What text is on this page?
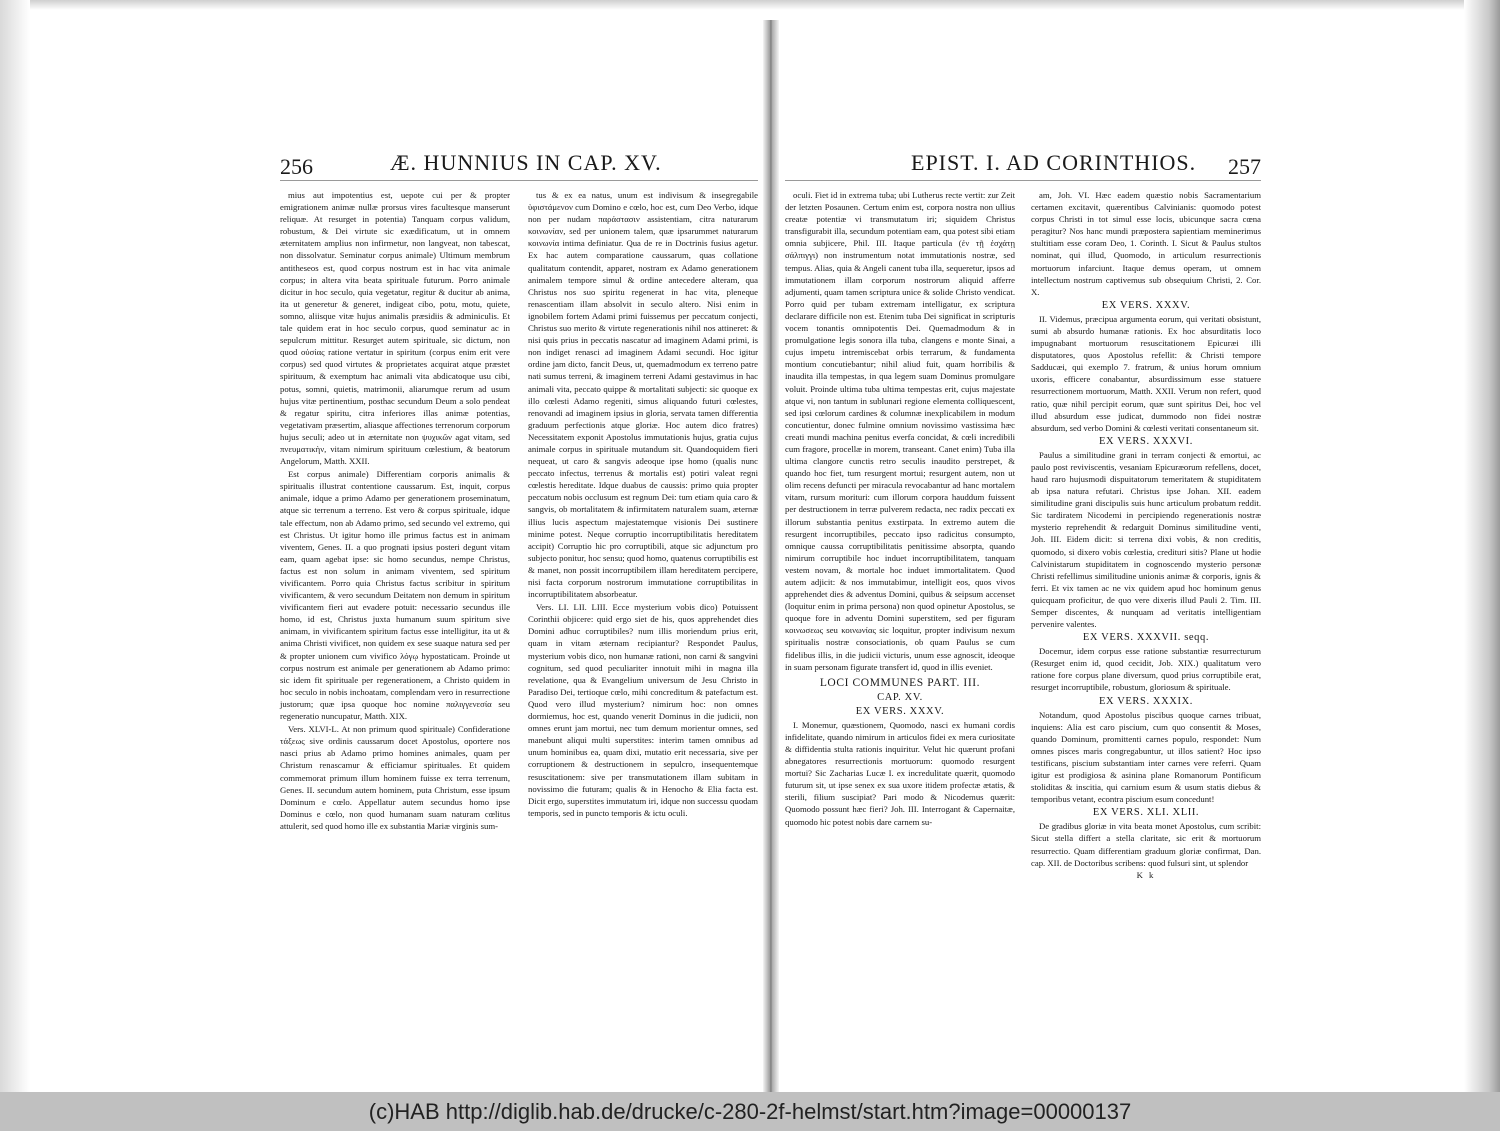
256	Æ. HUNNIUS IN CAP. XV.

mius aut impotentius est, uepote cui per & propter emigrationem animæ nullæ prorsus vires facultesque manserunt reliquæ. At resurget in potentia) Tanquam corpus validum, robustum, & Dei virtute sic exædificatum, ut in omnem æternitatem amplius non infirmetur, non langveat, non tabescat, non dissolvatur. Seminatur corpus animale) Ultimum membrum antitheseos est, quod corpus nostrum est in hac vita animale corpus; in altera vita beata spirituale futurum. Porro animale dicitur in hoc seculo, quia vegetatur, regitur & ducitur ab anima, ita ut generetur & generet, indigeat cibo, potu, motu, quiete, somno, aliisque vitæ hujus animalis præsidiis & adminiculis. Et tale quidem erat in hoc seculo corpus, quod seminatur ac in sepulcrum mittitur. Resurget autem spirituale, sic dictum, non quod οὐσίας ratione vertatur in spiritum (corpus enim erit vere corpus) sed quod virtutes & proprietates acquirat atque præstet spirituum, & exemptum hac animali vita abdicatoque usu cibi, potus, somni, quietis, matrimonii, aliarumque rerum ad usum hujus vitæ pertinentium, posthac secundum Deum a solo pendeat & regatur spiritu, citra inferiores illas animæ potentias, vegetativam præsertim, aliasque affectiones terrenorum corporum hujus seculi; adeo ut in æternitate non ψυχικῶν agat vitam, sed πνευματικὴν, vitam nimirum spirituum cœlestium, & beatorum Angelorum, Matth. XXII.

Est corpus animale) Differentiam corporis animalis & spiritualis illustrat contentione caussarum. Est, inquit, corpus animale, idque a primo Adamo per generationem proseminatum, atque sic terrenum a terreno. Est vero & corpus spirituale, idque tale effectum, non ab Adamo primo, sed secundo vel extremo, qui est Christus. Ut igitur homo ille primus factus est in animam viventem, Genes. II. a quo prognati ipsius posteri degunt vitam eam, quam agebat ipse: sic homo secundus, nempe Christus, factus est non solum in animam viventem, sed spiritum vivificantem. Porro quia Christus factus scribitur in spiritum vivificantem, & vero secundum Deitatem non demum in spiritum vivificantem fieri aut evadere potuit: necessario secundus ille homo, id est, Christus juxta humanum suum spiritum sive animam, in vivificantem spiritum factus esse intelligitur, ita ut & anima Christi vivificet, non quidem ex sese suaque natura sed per & propter unionem cum vivifico λόγῳ hypostaticam. Proinde ut corpus nostrum est animale per generationem ab Adamo primo: sic idem fit spirituale per regenerationem, a Christo quidem in hoc seculo in nobis inchoatam, complendam vero in resurrectione justorum; quæ ipsa quoque hoc nomine παλιγγενεσία seu regeneratio nuncupatur, Matth. XIX.

Vers. XLVI-L. At non primum quod spirituale) Confideratione τάξεως sive ordinis caussarum docet Apostolus, oportere nos nasci prius ab Adamo primo homines animales, quam per Christum renascamur & efficiamur spirituales. Et quidem commemorat primum illum hominem fuisse ex terra terrenum, Genes. II. secundum autem hominem, puta Christum, esse ipsum Dominum e cœlo. Appellatur autem secundus homo ipse Dominus e cœlo, non quod humanam suam naturam cœlitus attulerit, sed quod homo ille ex substantia Mariæ virginis sum-

tus & ex ea natus, unum est indivisum & insegregabile ὑφιστάμενον cum Domino e cœlo, hoc est, cum Deo Verbo, idque non per nudam παράστασιν assistentiam, citra naturarum κοινωνίαν, sed per unionem talem, quæ ipsarummet naturarum κοινωνία intima definiatur. Qua de re in Doctrinis fusius agetur. Ex hac autem comparatione caussarum, quas collatione qualitatum contendit, apparet, nostram ex Adamo generationem animalem tempore simul & ordine antecedere alteram, qua Christus nos suo spiritu regenerat in hac vita, pleneque renascentiam illam absolvit in seculo altero. Nisi enim in ignobilem fortem Adami primi fuissemus per peccatum conjecti, Christus suo merito & virtute regenerationis nihil nos attineret: & nisi quis prius in peccatis nascatur ad imaginem Adami primi, is non indiget renasci ad imaginem Adami secundi. Hoc igitur ordine jam dicto, fancit Deus, ut, quemadmodum ex terreno patre nati sumus terreni, & imaginem terreni Adami gestavimus in hac animali vita, peccato quippe & mortalitati subjecti: sic quoque ex illo cœlesti Adamo regeniti, simus aliquando futuri cœlestes, renovandi ad imaginem ipsius in gloria, servata tamen differentia graduum perfectionis atque gloriæ. Hoc autem dico fratres) Necessitatem exponit Apostolus immutationis hujus, gratia cujus animale corpus in spirituale mutandum sit. Quandoquidem fieri nequeat, ut caro & sangvis adeoque ipse homo (qualis nunc peccato infectus, terrenus & mortalis est) potiri valeat regni cœlestis hereditate. Idque duabus de caussis: primo quia propter peccatum nobis occlusum est regnum Dei: tum etiam quia caro & sangvis, ob mortalitatem & infirmitatem naturalem suam, æternæ illius lucis aspectum majestatemque visionis Dei sustinere minime potest. Neque corruptio incorruptibilitatis hereditatem accipit) Corruptio hic pro corruptibili, atque sic adjunctum pro subjecto ponitur, hoc sensu; quod homo, quatenus corruptibilis est & manet, non possit incorruptibilem illam hereditatem percipere, nisi facta corporum nostrorum immutatione corruptibilitas in incorruptibilitatem absorbeatur.

Vers. LI. LII. LIII. Ecce mysterium vobis dico) Potuissent Corinthii objicere: quid ergo siet de his, quos apprehendet dies Domini adhuc corruptibiles? num illis moriendum prius erit, quam in vitam æternam recipiantur? Respondet Paulus, mysterium vobis dico, non humanæ rationi, non carni & sangvini cognitum, sed quod peculiariter innotuit mihi in magna illa revelatione, qua & Evangelium universum de Jesu Christo in Paradiso Dei, tertioque cœlo, mihi concreditum & patefactum est. Quod vero illud mysterium? nimirum hoc: non omnes dormiemus, hoc est, quando venerit Dominus in die judicii, non omnes erunt jam mortui, nec tum demum morientur omnes, sed manebunt aliqui multi superstites: interim tamen omnibus ad unum hominibus ea, quam dixi, mutatio erit necessaria, sive per corruptionem & destructionem in sepulcro, insequentemque resuscitationem: sive per transmutationem illam subitam in novissimo die futuram; qualis & in Henocho & Elia facta est. Dicit ergo, superstites immutatum iri, idque non successu quodam temporis, sed in puncto temporis & ictu oculi.

EPIST. I. AD CORINTHIOS. 257

oculi. Fiet id in extrema tuba; ubi Lutherus recte vertit: zur Zeit der letzten Posaunen. Certum enim est, corpora nostra non ullius creatæ potentiæ vi transmutatum iri; siquidem Christus transfigurabit illa, secundum potentiam eam, qua potest sibi etiam omnia subjicere, Phil. III. Itaque particula (ἐν τῇ ἐσχάτῃ σάλπιγγι) non instrumentum notat immutationis nostræ, sed tempus. Alias, quia & Angeli canent tuba illa, sequeretur, ipsos ad immutationem illam corporum nostrorum aliquid afferre adjumenti, quam tamen scriptura unice & solide Christo vendicat. Porro quid per tubam extremam intelligatur, ex scriptura declarare difficile non est. Etenim tuba Dei significat in scripturis vocem tonantis omnipotentis Dei. Quemadmodum & in promulgatione legis sonora illa tuba, clangens e monte Sinai, a cujus impetu intremiscebat orbis terrarum, & fundamenta montium concutiebantur; nihil aliud fuit, quam horribilis & inaudita illa tempestas, in qua legem suam Dominus promulgare voluit. Proinde ultima tuba ultima tempestas erit, cujus majestate atque vi, non tantum in sublunari regione elementa colliquescent, sed ipsi cœlorum cardines & columnæ inexplicabilem in modum concutientur, donec fulmine omnium novissimo vastissima hæc creati mundi machina penitus everfa concidat, & cœli incredibili cum fragore, procellæ in morem, transeant. Canet enim) Tuba illa ultima clangore cunctis retro seculis inaudito perstrepet, & quando hoc fiet, tum resurgent mortui; resurgent autem, non ut olim recens defuncti per miracula revocabantur ad hanc mortalem vitam, rursum morituri: cum illorum corpora hauddum fuissent per destructionem in terræ pulverem redacta, nec radix peccati ex illorum substantia penitus exstirpata. In extremo autem die resurgent incorruptibiles, peccato ipso radicitus consumpto, omnique caussa corruptibilitatis penitissime absorpta, quando nimirum corruptibile hoc induet incorruptibilitatem, tanquam vestem novam, & mortale hoc induet immortalitatem. Quod autem adjicit: & nos immutabimur, intelligit eos, quos vivos apprehendet dies & adventus Domini, quibus & seipsum accenset (loquitur enim in prima persona) non quod opinetur Apostolus, se quoque fore in adventu Domini superstitem, sed per figuram κοινωσεως seu κοινωνίας sic loquitur, propter indivisum nexum spiritualis nostræ consociationis, ob quam Paulus se cum fidelibus illis, in die judicii victuris, unum esse agnoscit, ideoque in suam personam figurate transfert id, quod in illis eveniet.

LOCI COMMUNES PART. III.
CAP. XV.
EX VERS. XXXV.

I. Monemur, quæstionem, Quomodo, nasci ex humani cordis infidelitate, quando nimirum in articulos fidei ex mera curiositate & diffidentia stulta rationis inquiritur. Velut hic quærunt profani abnegatores resurrectionis mortuorum: quomodo resurgent mortui? Sic Zacharias Lucæ I. ex incredulitate quærit, quomodo futurum sit, ut ipse senex ex sua uxore itidem profectæ ætatis, & sterili, filium suscipiat? Pari modo & Nicodemus quærit: Quomodo possunt hæc fieri? Joh. III. Interrogant & Capernaitæ, quomodo hic potest nobis dare carnem su-

am, Joh. VI. Hæc eadem quæstio nobis Sacramentarium certamen excitavit, quærentibus Calvinianis: quomodo potest corpus Christi in tot simul esse locis, ubicunque sacra cœna peragitur? Nos hanc mundi præpostera sapientiam meminerimus stultitiam esse coram Deo, 1. Corinth. I. Sicut & Paulus stultos nominat, qui illud, Quomodo, in articulum resurrectionis mortuorum infarciunt. Itaque demus operam, ut omnem intellectum nostrum captivemus sub obsequium Christi, 2. Cor. X.

EX VERS. XXXV.

II. Videmus, præcipua argumenta eorum, qui veritati obsistunt, sumi ab absurdo humanæ rationis. Ex hoc absurditatis loco impugnabant mortuorum resuscitationem Epicuræi illi disputatores, quos Apostolus refellit: & Christi tempore Sadducæi, qui exemplo 7. fratrum, & unius horum omnium uxoris, efficere conabantur, absurdissimum esse statuere resurrectionem mortuorum, Matth. XXII. Verum non refert, quod ratio, quæ nihil percipit eorum, quæ sunt spiritus Dei, hoc vel illud absurdum esse judicat, dummodo non fidei nostræ absurdum, sed verbo Domini & cœlesti veritati consentaneum sit.

EX VERS. XXXVI.

Paulus a similitudine grani in terram conjecti & emortui, ac paulo post reviviscentis, vesaniam Epicuræorum refellens, docet, haud raro hujusmodi dispuitatorum temeritatem & stupiditatem ab ipsa natura refutari. Christus ipse Johan. XII. eadem similitudine grani discipulis suis hunc articulum probatum reddit. Sic tardiratem Nicodemi in percipiendo regenerationis nostræ mysterio reprehendit & redarguit Dominus similitudine venti, Joh. III. Eidem dicit: si terrena dixi vobis, & non creditis, quomodo, si dixero vobis cœlestia, credituri sitis? Plane ut hodie Calvinistarum stupiditatem in cognoscendo mysterio personæ Christi refellimus similitudine unionis animæ & corporis, ignis & ferri. Et vix tamen ac ne vix quidem apud hoc hominum genus quicquam proficitur, de quo vere dixeris illud Pauli 2. Tim. III. Semper discentes, & nunquam ad veritatis intelligentiam pervenire valentes.

EX VERS. XXXVII. seqq.

Docemur, idem corpus esse ratione substantiæ resurrecturum (Resurget enim id, quod cecidit, Job. XIX.) qualitatum vero ratione fore corpus plane diversum, quod prius corruptibile erat, resurget incorruptibile, robustum, gloriosum & spirituale.

EX VERS. XXXIX.

Notandum, quod Apostolus piscibus quoque carnes tribuat, inquiens: Alia est caro piscium, cum quo consentit & Moses, quando Dominum, promittenti carnes populo, respondet: Num omnes pisces maris congregabuntur, ut illos satient? Hoc ipso testificans, piscium substantiam inter carnes vere referri. Quam igitur est prodigiosa & asinina plane Romanorum Pontificum stoliditas & inscitia, qui carnium esum & usum statis diebus & temporibus vetant, econtra piscium esum concedunt!

EX VERS. XLI. XLII.

De gradibus gloriæ in vita beata monet Apostolus, cum scribit: Sicut stella differt a stella claritate, sic erit & mortuorum resurrectio. Quam differentiam graduum gloriæ confirmat, Dan. cap. XII. de Doctoribus scribens: quod fulsuri sint, ut splendor

K k
(c)HAB http://diglib.hab.de/drucke/c-280-2f-helmst/start.htm?image=00000137
